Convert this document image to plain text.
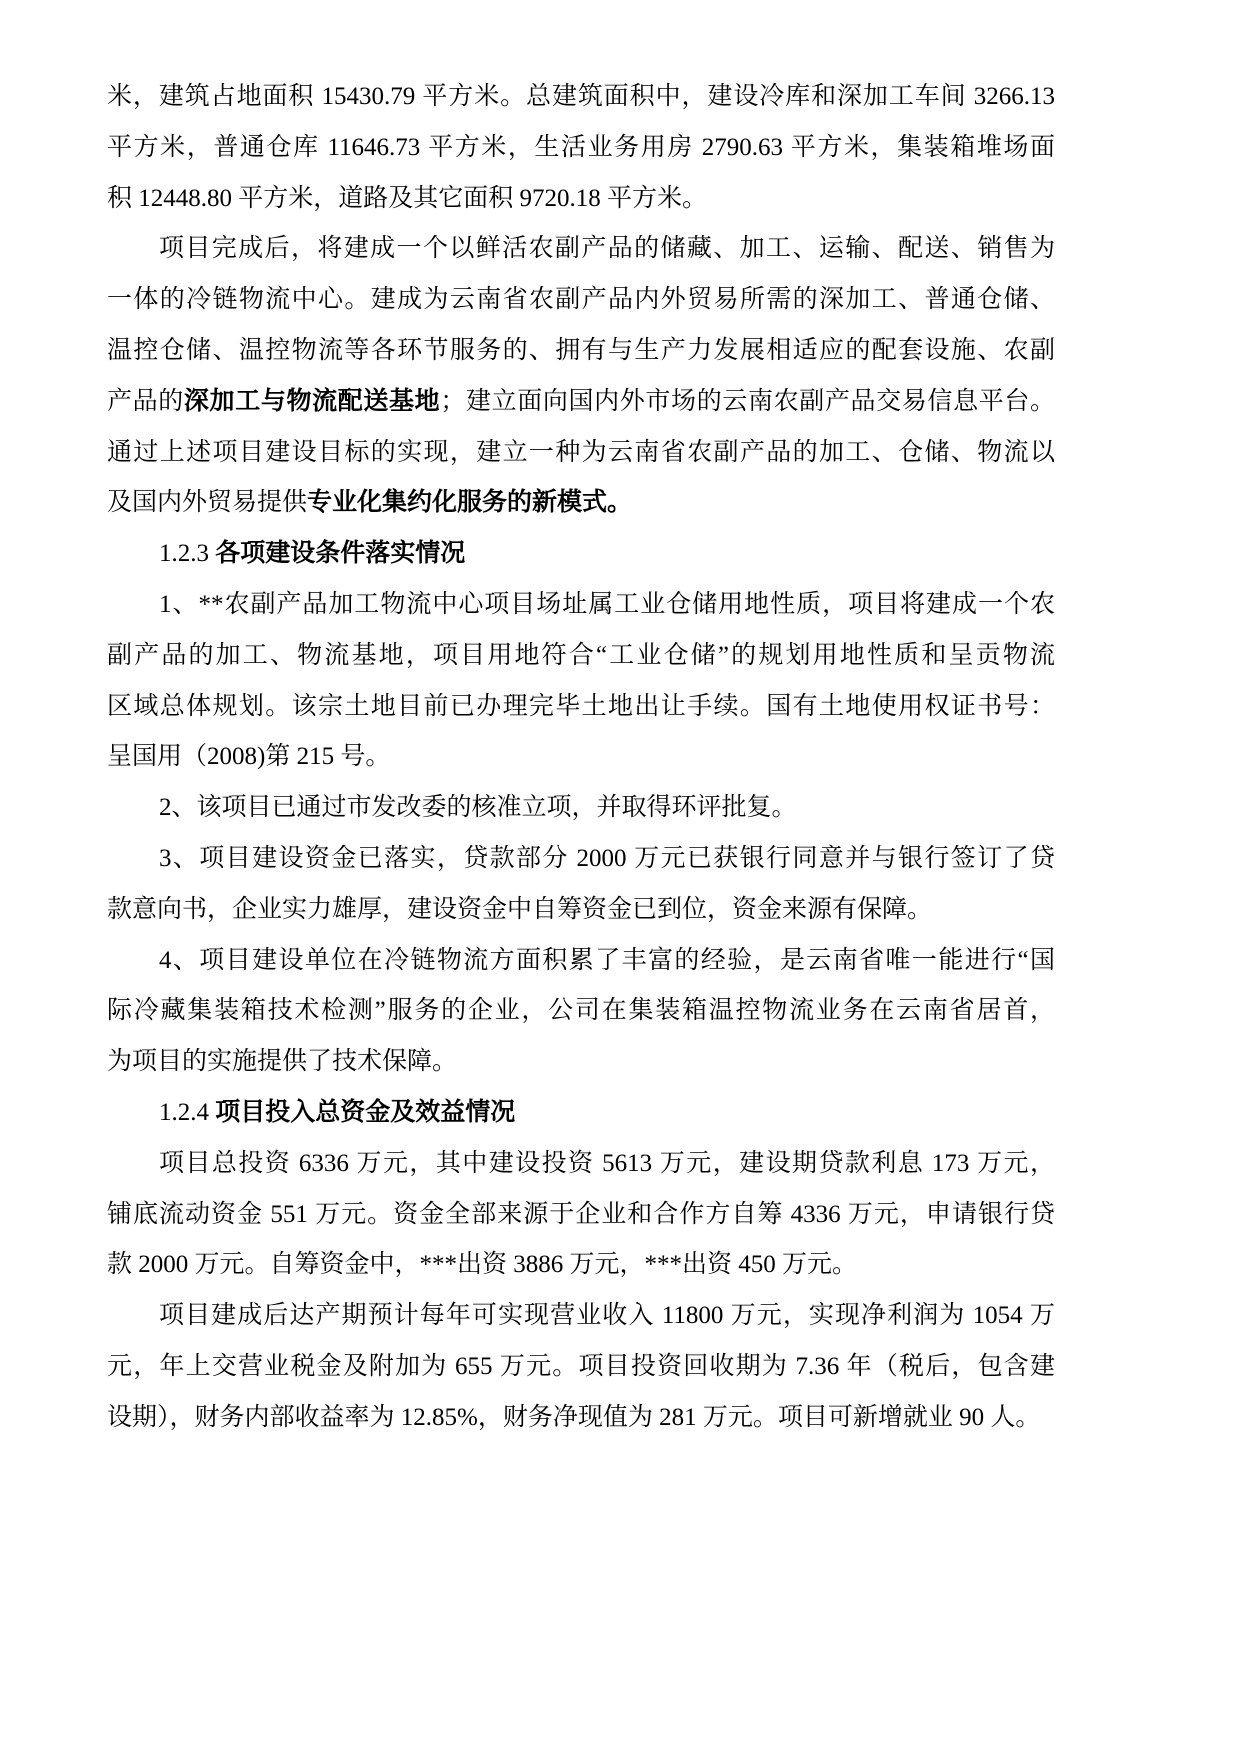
米，建筑占地面积 15430.79 平方米。总建筑面积中，建设冷库和深加工车间 3266.13
平方米，普通仓库 11646.73 平方米，生活业务用房 2790.63 平方米，集装箱堆场面
积 12448.80 平方米，道路及其它面积 9720.18 平方米。
项目完成后，将建成一个以鲜活农副产品的储藏、加工、运输、配送、销售为
一体的冷链物流中心。建成为云南省农副产品内外贸易所需的深加工、普通仓储、
温控仓储、温控物流等各环节服务的、拥有与生产力发展相适应的配套设施、农副
产品的深加工与物流配送基地；建立面向国内外市场的云南农副产品交易信息平台。
通过上述项目建设目标的实现，建立一种为云南省农副产品的加工、仓储、物流以
及国内外贸易提供专业化集约化服务的新模式。
1.2.3 各项建设条件落实情况
1、**农副产品加工物流中心项目场址属工业仓储用地性质，项目将建成一个农
副产品的加工、物流基地，项目用地符合“工业仓储”的规划用地性质和呈贡物流
区域总体规划。该宗土地目前已办理完毕土地出让手续。国有土地使用权证书号：
呈国用（2008)第 215 号。
2、该项目已通过市发改委的核准立项，并取得环评批复。
3、项目建设资金已落实，贷款部分 2000 万元已获银行同意并与银行签订了贷
款意向书，企业实力雄厚，建设资金中自筹资金已到位，资金来源有保障。
4、项目建设单位在冷链物流方面积累了丰富的经验，是云南省唯一能进行“国
际冷藏集装箱技术检测”服务的企业，公司在集装箱温控物流业务在云南省居首，
为项目的实施提供了技术保障。
1.2.4 项目投入总资金及效益情况
项目总投资 6336 万元，其中建设投资 5613 万元，建设期贷款利息 173 万元，
铺底流动资金 551 万元。资金全部来源于企业和合作方自筹 4336 万元，申请银行贷
款 2000 万元。自筹资金中，***出资 3886 万元，***出资 450 万元。
项目建成后达产期预计每年可实现营业收入 11800 万元，实现净利润为 1054 万
元，年上交营业税金及附加为 655 万元。项目投资回收期为 7.36 年（税后，包含建
设期），财务内部收益率为 12.85%，财务净现值为 281 万元。项目可新增就业 90 人。
